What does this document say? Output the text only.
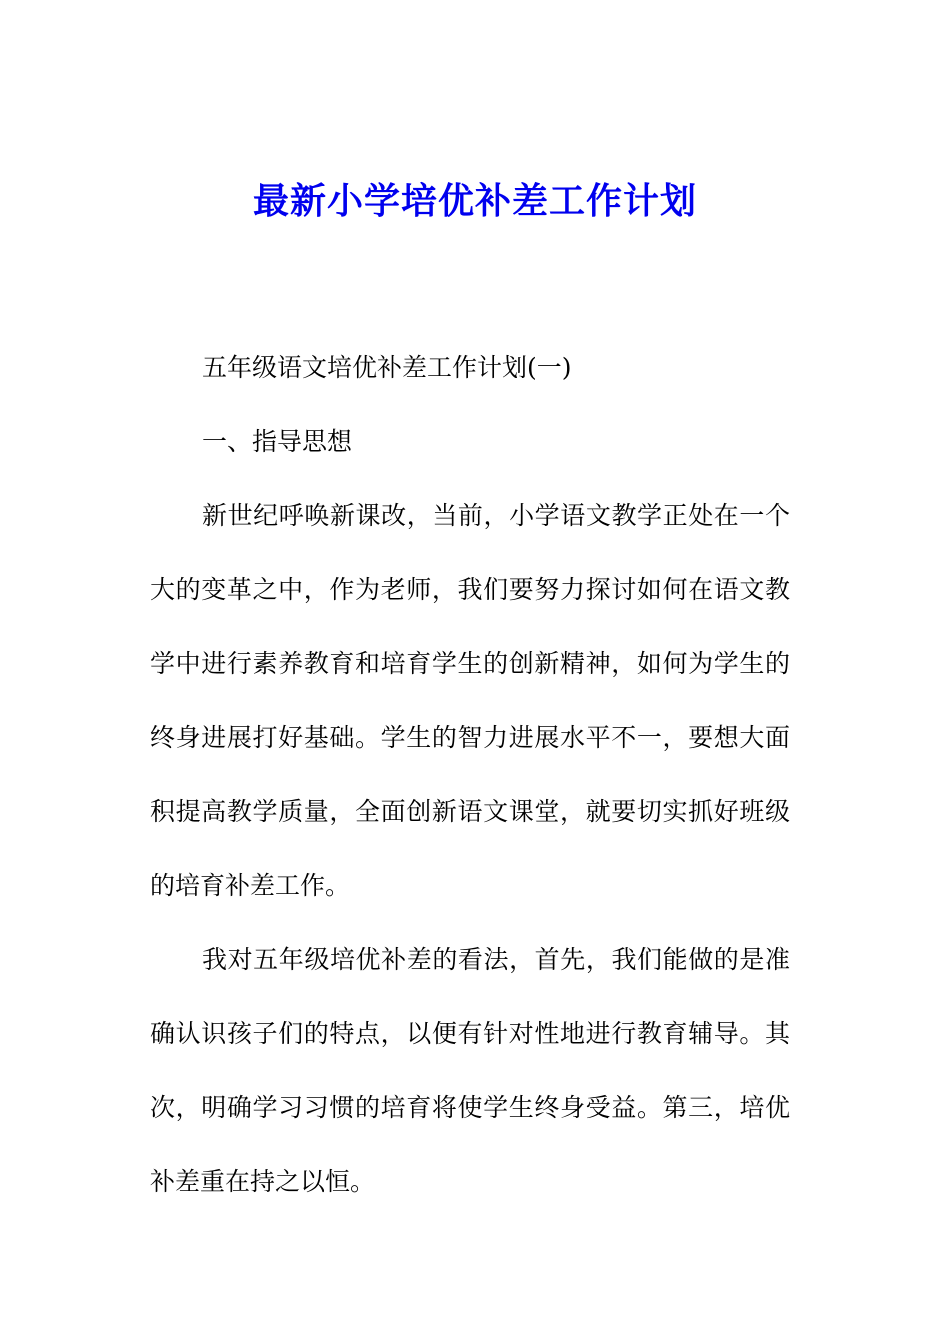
最新小学培优补差工作计划

五年级语文培优补差工作计划(一)

一、指导思想

新世纪呼唤新课改，当前，小学语文教学正处在一个大的变革之中，作为老师，我们要努力探讨如何在语文教学中进行素养教育和培育学生的创新精神，如何为学生的终身进展打好基础。学生的智力进展水平不一，要想大面积提高教学质量，全面创新语文课堂，就要切实抓好班级的培育补差工作。

我对五年级培优补差的看法，首先，我们能做的是准确认识孩子们的特点，以便有针对性地进行教育辅导。其次，明确学习习惯的培育将使学生终身受益。第三，培优补差重在持之以恒。
